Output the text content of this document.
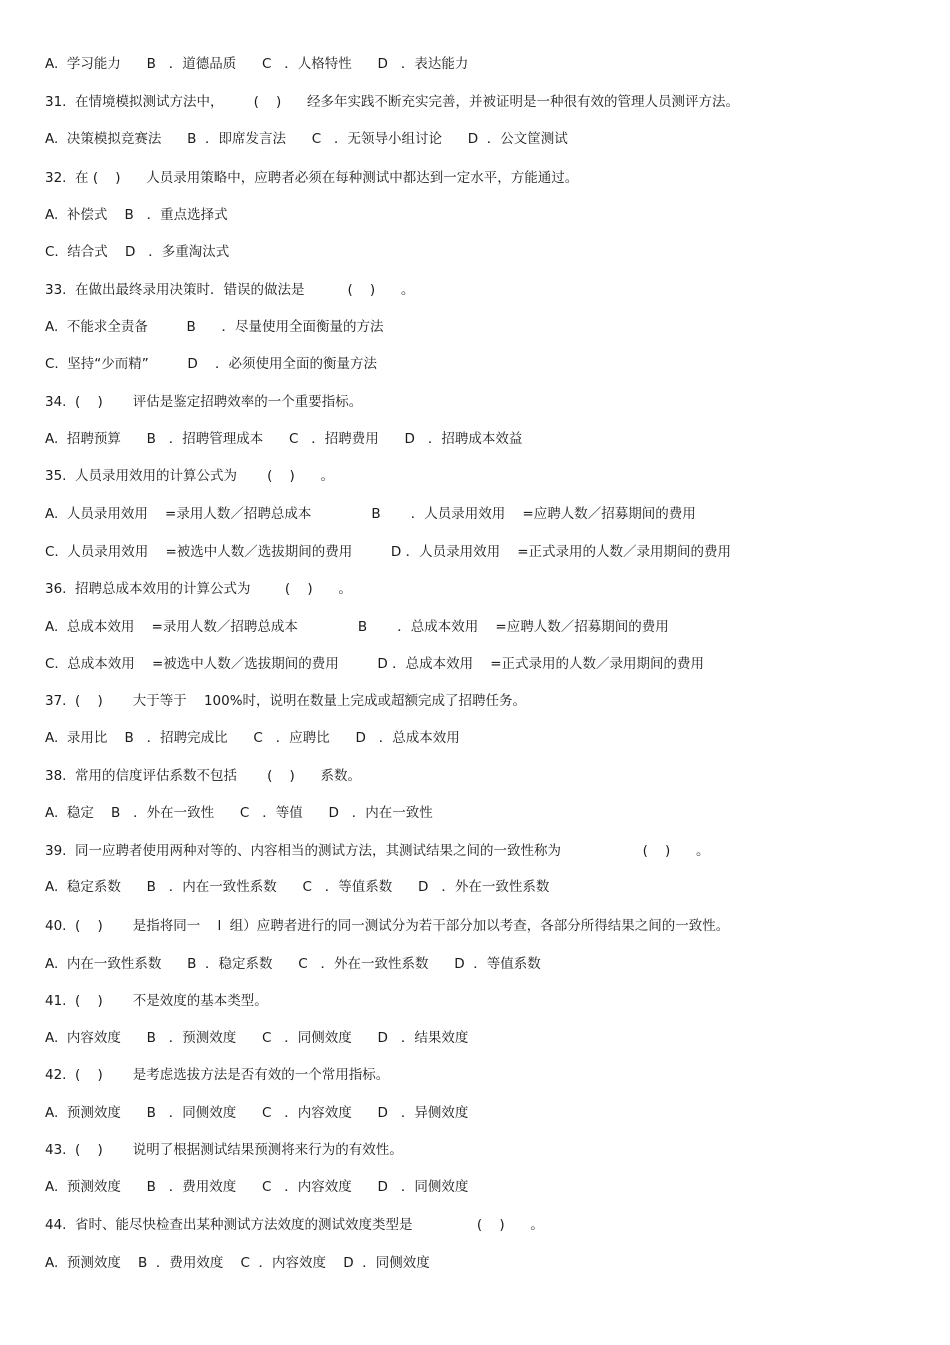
A.  学习能力      B   ．道德品质      C   ．人格特性      D   ．表达能力
31.  在情境模拟测试方法中，       (    )      经多年实践不断充实完善，并被证明是一种很有效的管理人员测评方法。
A.  决策模拟竞赛法      B  ．即席发言法      C   ．无领导小组讨论      D  ．公文筐测试
32.  在 (    )      人员录用策略中，应聘者必须在每种测试中都达到一定水平，方能通过。
A.  补偿式    B   ．重点选择式
C.  结合式    D   ．多重淘汰式
33.  在做出最终录用决策时．错误的做法是          (    )      。
A.  不能求全责备         B      ．尽量使用全面衡量的方法
C.  坚持“少而精”         D    ．必须使用全面的衡量方法
34.  (    )       评估是鉴定招聘效率的一个重要指标。
A.  招聘预算      B   ．招聘管理成本      C   ．招聘费用      D   ．招聘成本效益
35.  人员录用效用的计算公式为       (    )      。
A.  人员录用效用    =录用人数／招聘总成本              B       ．人员录用效用    =应聘人数／招募期间的费用
C.  人员录用效用    =被选中人数／选拔期间的费用         D ．人员录用效用    =正式录用的人数／录用期间的费用
36.  招聘总成本效用的计算公式为        (    )      。
A.  总成本效用    =录用人数／招聘总成本              B       ．总成本效用    =应聘人数／招募期间的费用
C.  总成本效用    =被选中人数／选拔期间的费用         D ．总成本效用    =正式录用的人数／录用期间的费用
37.  (    )       大于等于    100%时，说明在数量上完成或超额完成了招聘任务。
A.  录用比    B   ．招聘完成比      C   ．应聘比      D   ．总成本效用
38.  常用的信度评估系数不包括       (    )      系数。
A.  稳定    B   ．外在一致性      C   ．等值      D   ．内在一致性
39.  同一应聘者使用两种对等的、内容相当的测试方法，其测试结果之间的一致性称为                   (    )      。
A.  稳定系数      B   ．内在一致性系数      C   ．等值系数      D   ．外在一致性系数
40.  (    )       是指将同一    l  组）应聘者进行的同一测试分为若干部分加以考查，各部分所得结果之间的一致性。
A.  内在一致性系数      B  ．稳定系数      C   ．外在一致性系数      D  ．等值系数
41.  (    )       不是效度的基本类型。
A.  内容效度      B   ．预测效度      C   ．同侧效度      D   ．结果效度
42.  (    )       是考虑选拔方法是否有效的一个常用指标。
A.  预测效度      B   ．同侧效度      C   ．内容效度      D   ．异侧效度
43.  (    )       说明了根据测试结果预测将来行为的有效性。
A.  预测效度      B   ．费用效度      C   ．内容效度      D   ．同侧效度
44.  省时、能尽快检查出某种测试方法效度的测试效度类型是               (    )      。
A.  预测效度    B  ．费用效度    C  ．内容效度    D  ．同侧效度
